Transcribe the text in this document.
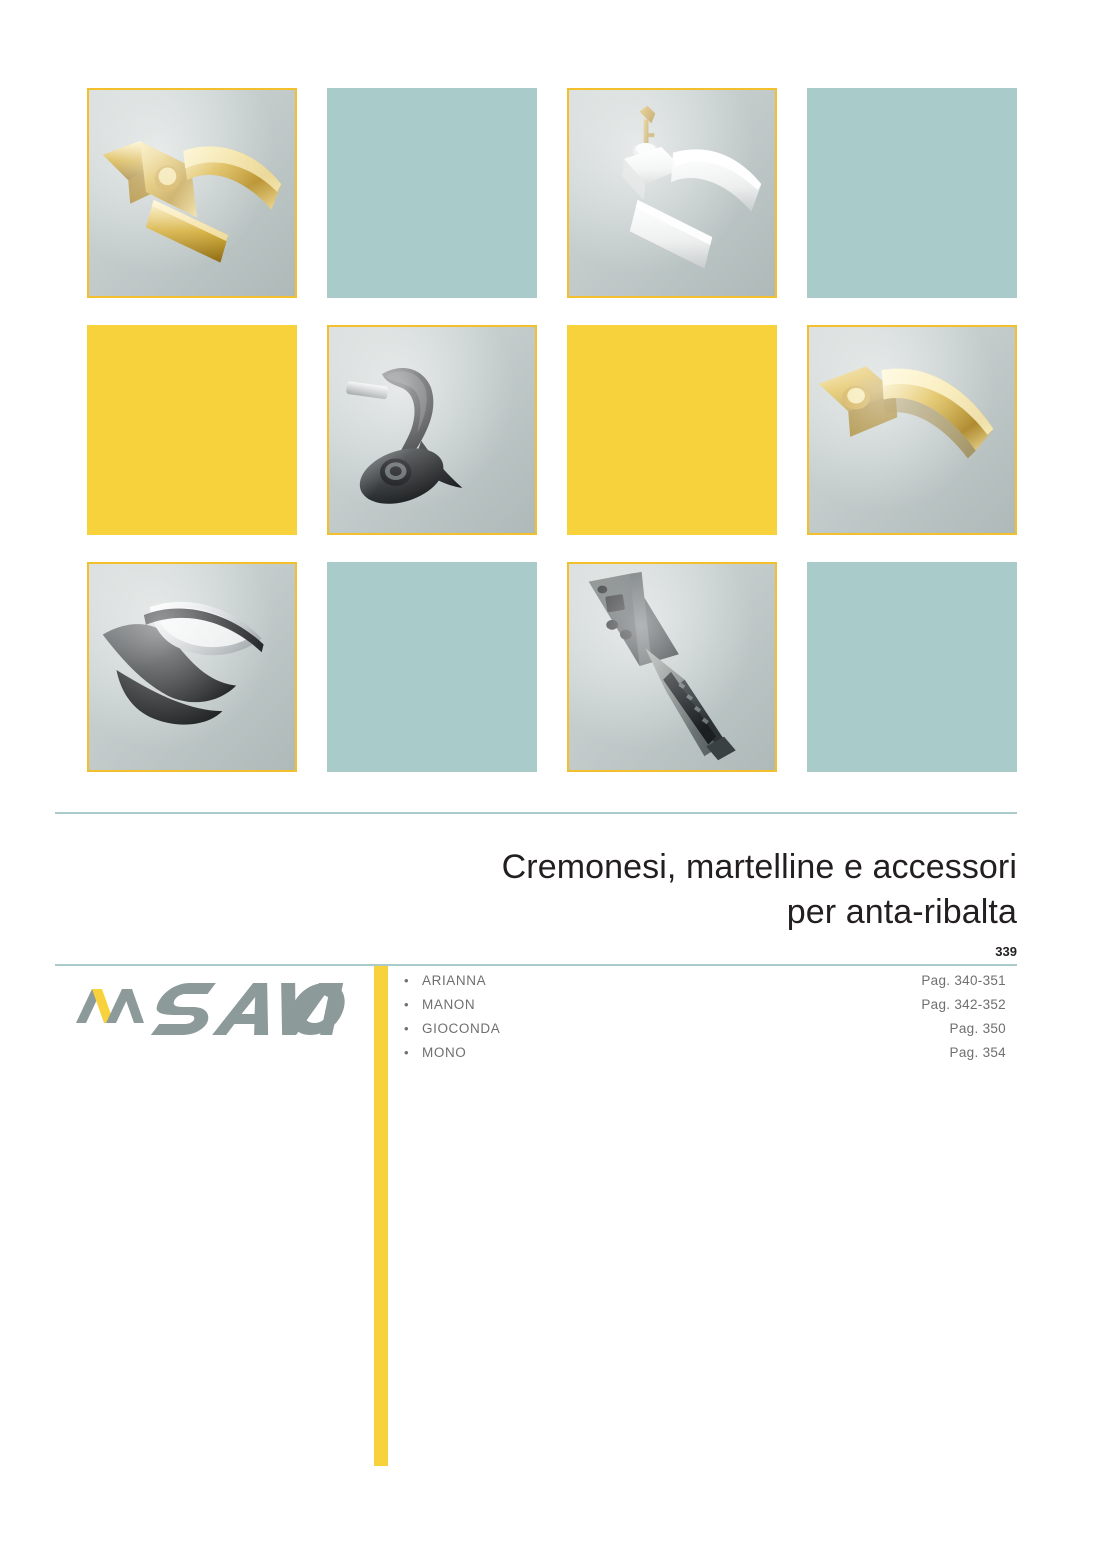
Cremonesi, martelline e accessori
per anta-ribalta
339
• ARIANNA	Pag. 340-351
• MANON	Pag. 342-352
• GIOCONDA	Pag. 350
• MONO	Pag. 354
